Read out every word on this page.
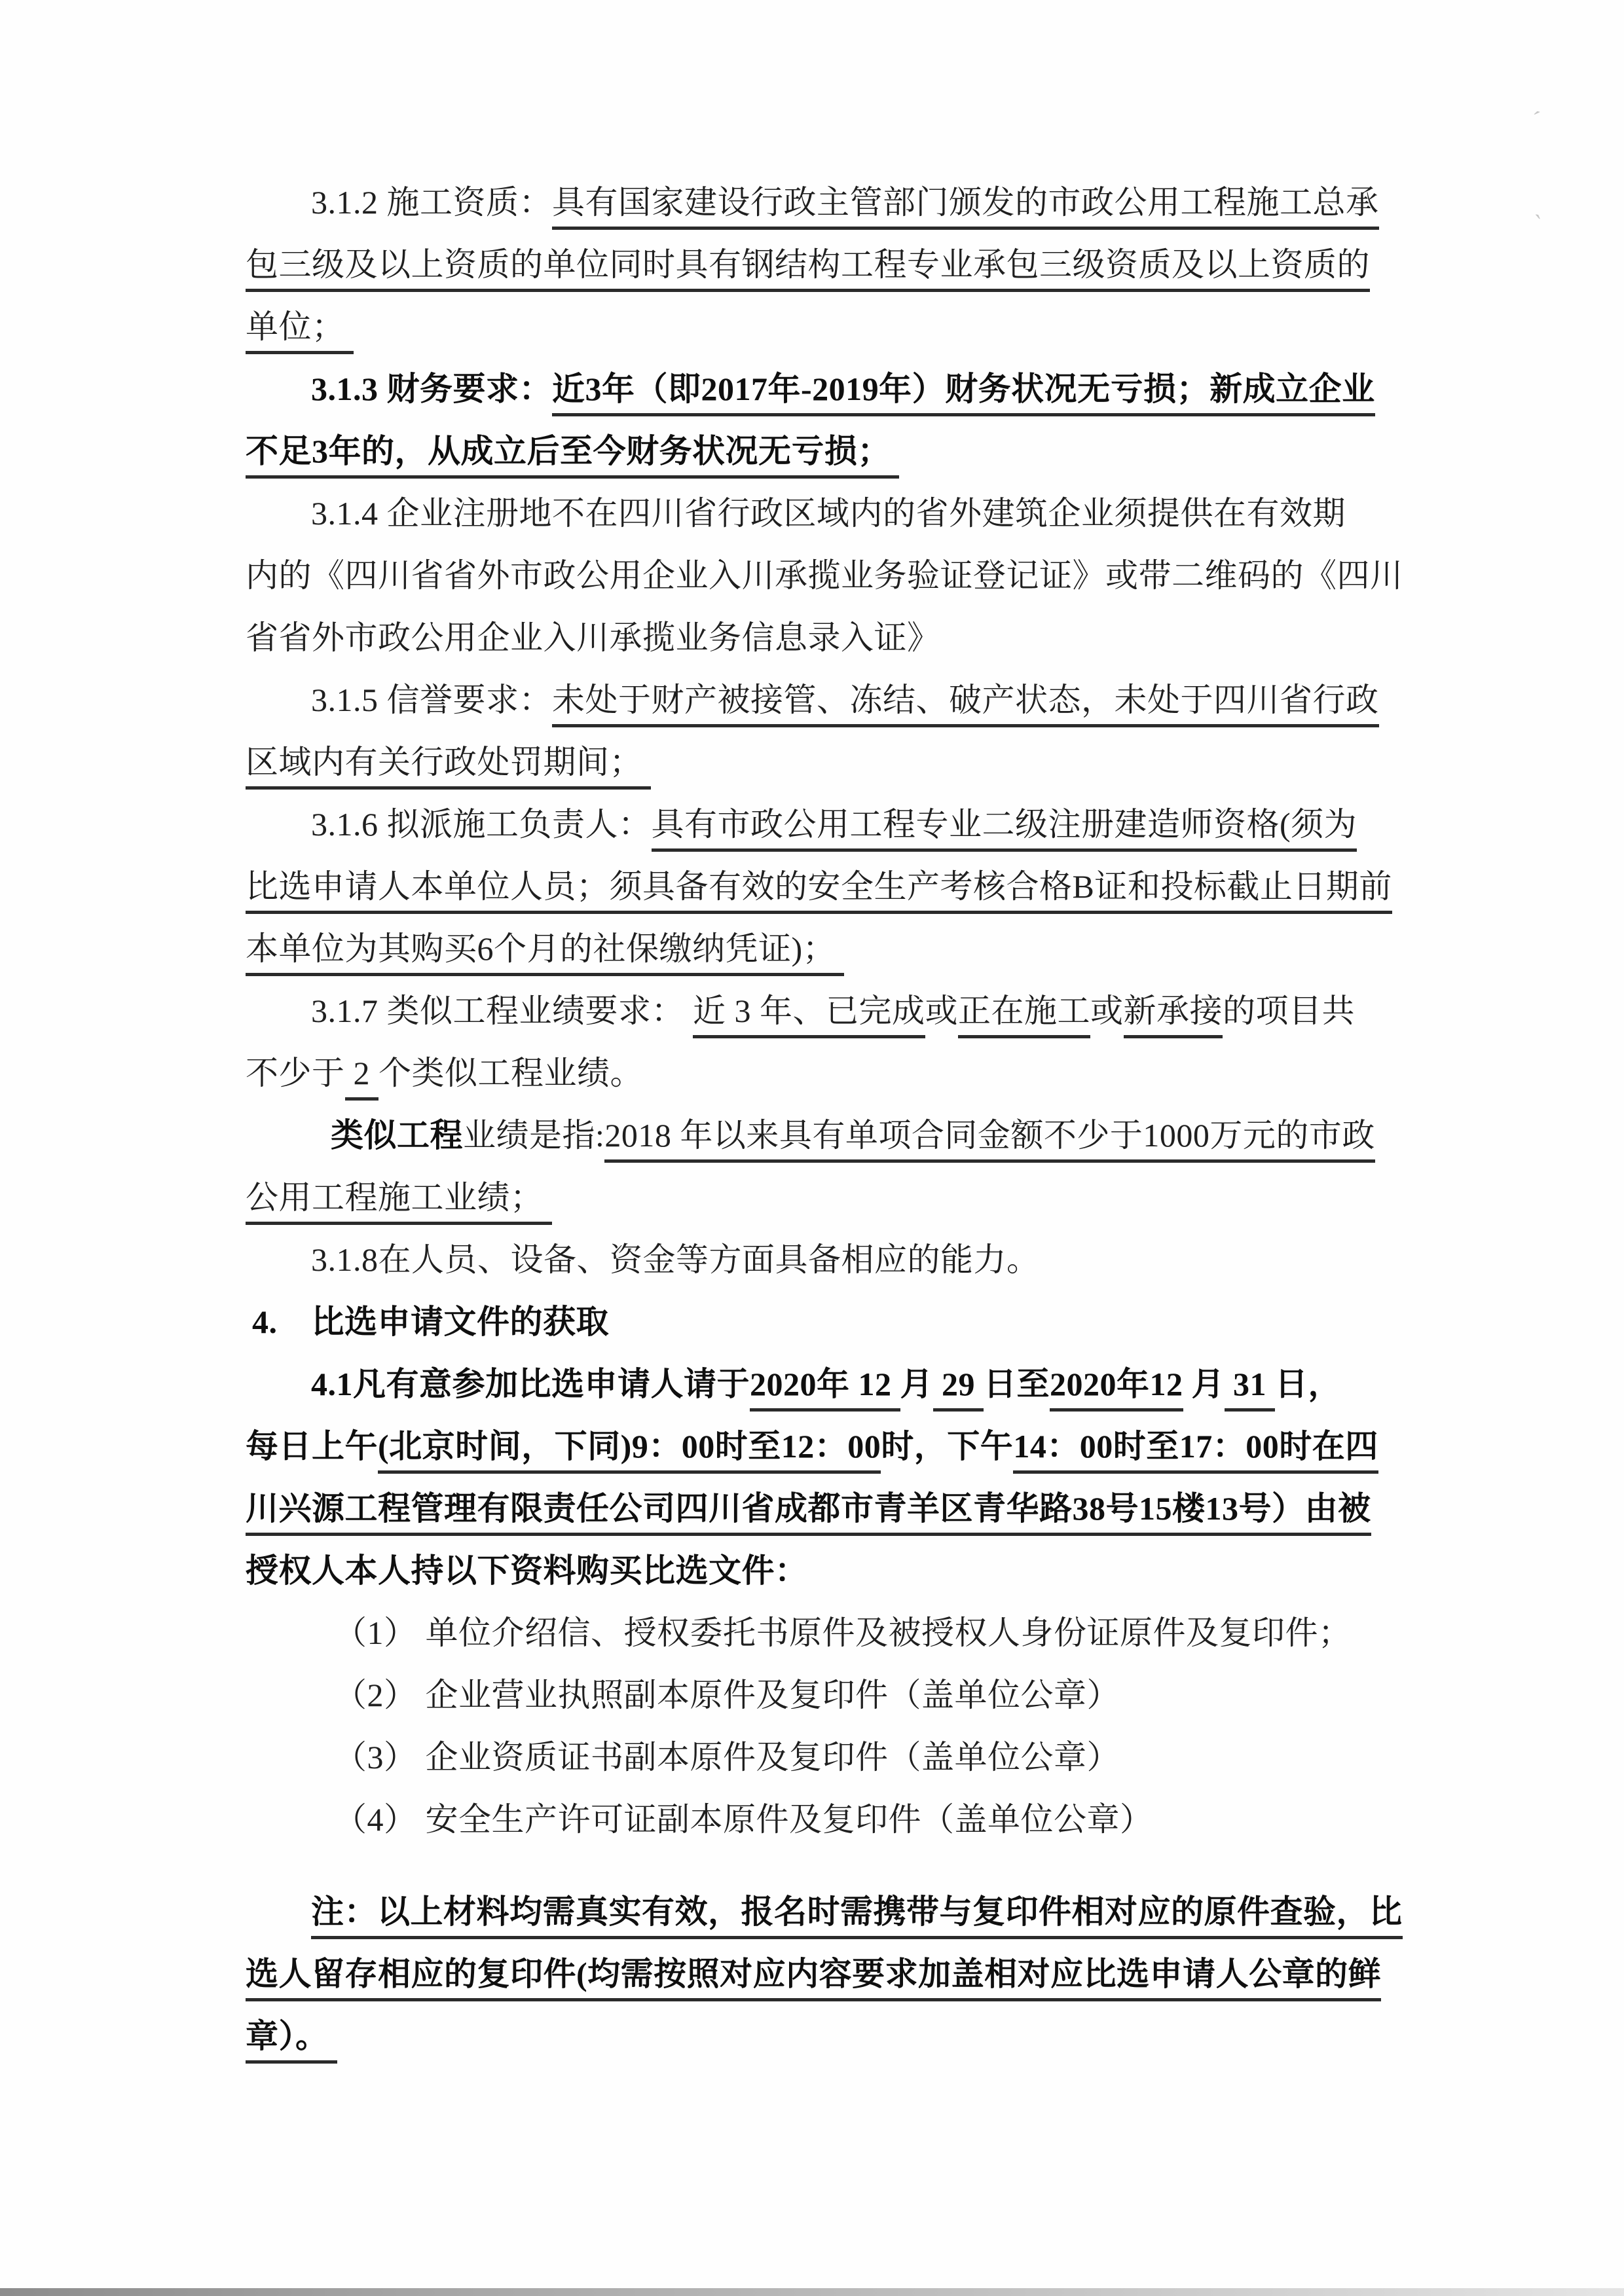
3.1.2 施工资质：具有国家建设行政主管部门颁发的市政公用工程施工总承
包三级及以上资质的单位同时具有钢结构工程专业承包三级资质及以上资质的
单位；
3.1.3 财务要求：近3年（即2017年-2019年）财务状况无亏损；新成立企业
不足3年的，从成立后至今财务状况无亏损；
3.1.4 企业注册地不在四川省行政区域内的省外建筑企业须提供在有效期
内的《四川省省外市政公用企业入川承揽业务验证登记证》或带二维码的《四川
省省外市政公用企业入川承揽业务信息录入证》
3.1.5 信誉要求：未处于财产被接管、冻结、破产状态，未处于四川省行政
区域内有关行政处罚期间；
3.1.6 拟派施工负责人：具有市政公用工程专业二级注册建造师资格(须为
比选申请人本单位人员；须具备有效的安全生产考核合格B证和投标截止日期前
本单位为其购买6个月的社保缴纳凭证)；
3.1.7 类似工程业绩要求： 近 3 年、已完成或正在施工或新承接的项目共
不少于 2 个类似工程业绩。
类似工程业绩是指:2018 年以来具有单项合同金额不少于1000万元的市政
公用工程施工业绩；
3.1.8在人员、设备、资金等方面具备相应的能力。
4.    比选申请文件的获取
4.1凡有意参加比选申请人请于2020年 12 月 29 日至2020年12 月 31 日，
每日上午(北京时间，下同)9：00时至12：00时，下午14：00时至17：00时在四
川兴源工程管理有限责任公司四川省成都市青羊区青华路38号15楼13号）由被
授权人本人持以下资料购买比选文件：
（1） 单位介绍信、授权委托书原件及被授权人身份证原件及复印件；
（2） 企业营业执照副本原件及复印件（盖单位公章）
（3） 企业资质证书副本原件及复印件（盖单位公章）
（4） 安全生产许可证副本原件及复印件（盖单位公章）
注：以上材料均需真实有效，报名时需携带与复印件相对应的原件查验，比
选人留存相应的复印件(均需按照对应内容要求加盖相对应比选申请人公章的鲜
章）。
ˊ
ˏ
